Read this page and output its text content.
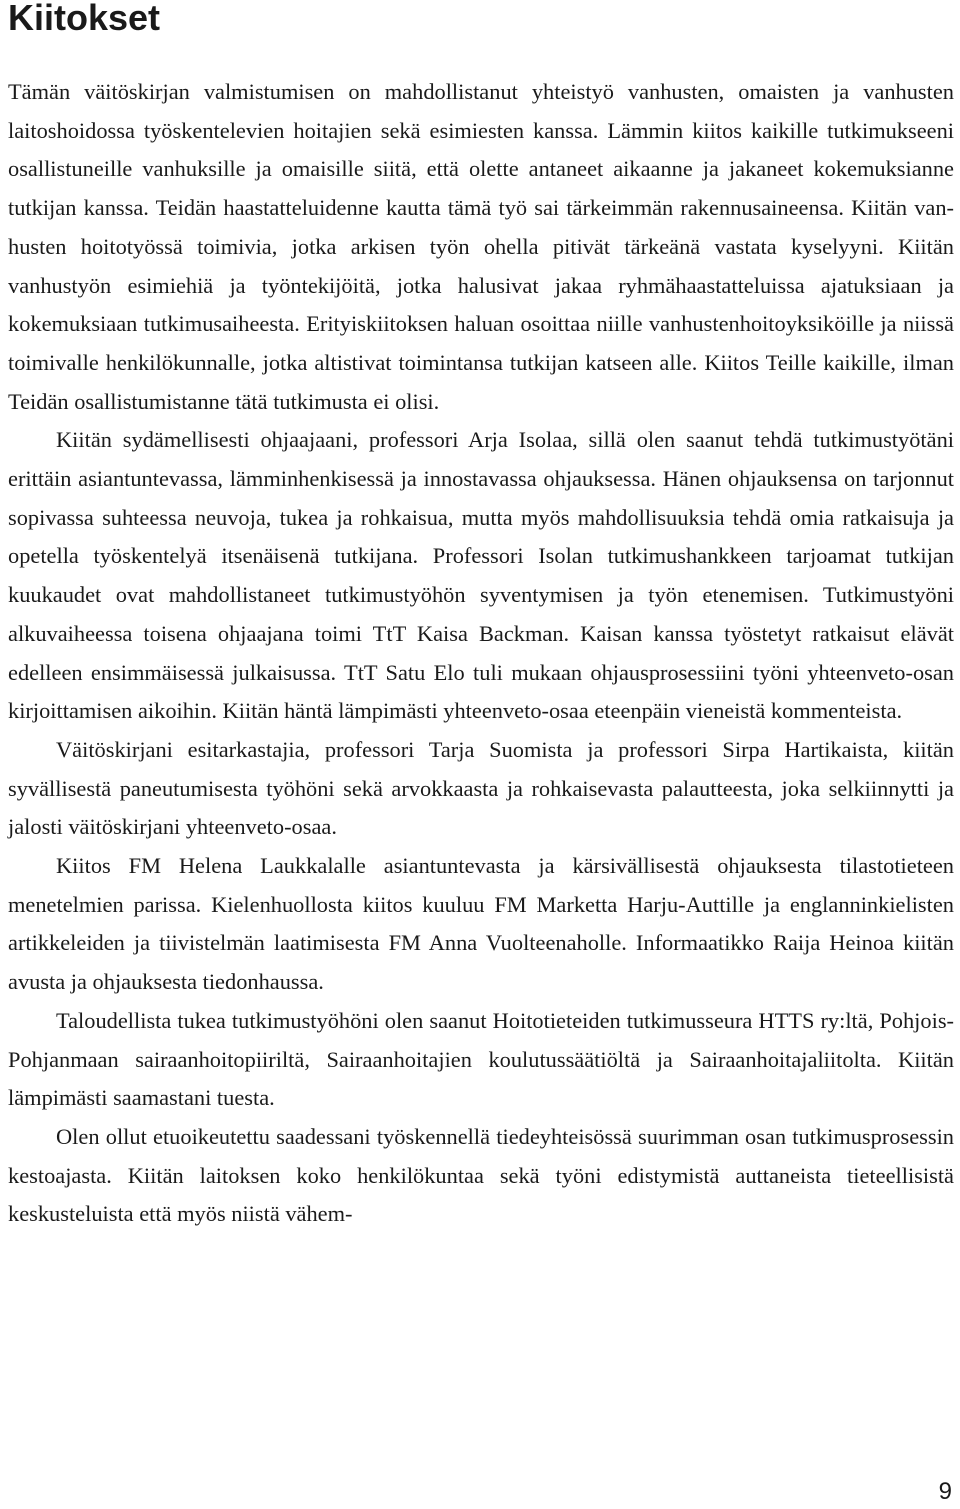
Kiitokset

Tämän väitöskirjan valmistumisen on mahdollistanut yhteistyö vanhusten, omaisten ja vanhusten laitoshoidossa työskentelevien hoitajien sekä esimiesten kanssa. Lämmin kiitos kaikille tutkimukseeni osallistuneille vanhuksille ja omaisille siitä, että olette antaneet aikaanne ja jakaneet kokemuksianne tutkijan kanssa. Teidän haastatteluidenne kautta tämä työ sai tärkeimmän rakennusaineensa. Kiitän vanhusten hoitotyössä toimivia, jotka arkisen työn ohella pitivät tärkeänä vastata kyselyyni. Kiitän vanhustyön esimiehiä ja työntekijöitä, jotka halusivat jakaa ryhmähaastatteluissa ajatuksiaan ja kokemuksiaan tutkimusaiheesta. Erityiskiitoksen haluan osoittaa niille vanhustenhoitoyksiköille ja niissä toimivalle henkilökunnalle, jotka altistivat toimintansa tutkijan katseen alle. Kiitos Teille kaikille, ilman Teidän osallistumistanne tätä tutkimusta ei olisi.

Kiitän sydämellisesti ohjaajaani, professori Arja Isolaa, sillä olen saanut tehdä tutkimustyötäni erittäin asiantuntevassa, lämminhenkisessä ja innostavassa ohjauksessa. Hänen ohjauksensa on tarjonnut sopivassa suhteessa neuvoja, tukea ja rohkaisua, mutta myös mahdollisuuksia tehdä omia ratkaisuja ja opetella työskentelyä itsenäisenä tutkijana. Professori Isolan tutkimushankkeen tarjoamat tutkijan kuukaudet ovat mahdollistaneet tutkimustyöhön syventymisen ja työn etenemisen. Tutkimustyöni alkuvaiheessa toisena ohjaajana toimi TtT Kaisa Backman. Kaisan kanssa työstetyt ratkaisut elävät edelleen ensimmäisessä julkaisussa. TtT Satu Elo tuli mukaan ohjausprosessiini työni yhteenveto-osan kirjoittamisen aikoihin. Kiitän häntä lämpimästi yhteenveto-osaa eteenpäin vieneistä kommenteista.

Väitöskirjani esitarkastajia, professori Tarja Suomista ja professori Sirpa Hartikaista, kiitän syvällisestä paneutumisesta työhöni sekä arvokkaasta ja rohkaisevasta palautteesta, joka selkiinnytti ja jalosti väitöskirjani yhteenveto-osaa.

Kiitos FM Helena Laukkalalle asiantuntevasta ja kärsivällisestä ohjauksesta tilastotieteen menetelmien parissa. Kielenhuollosta kiitos kuuluu FM Marketta Harju-Auttille ja englanninkielisten artikkeleiden ja tiivistelmän laatimisesta FM Anna Vuolteenaholle. Informaatikko Raija Heinoa kiitän avusta ja ohjauksesta tiedonhaussa.

Taloudellista tukea tutkimustyöhöni olen saanut Hoitotieteiden tutkimusseura HTTS ry:ltä, Pohjois-Pohjanmaan sairaanhoitopiiriltä, Sairaanhoitajien koulutussäätiöltä ja Sairaanhoitajaliitolta. Kiitän lämpimästi saamastani tuesta.

Olen ollut etuoikeutettu saadessani työskennellä tiedeyhteisössä suurimman osan tutkimusprosessin kestoajasta. Kiitän laitoksen koko henkilökuntaa sekä työni edistymistä auttaneista tieteellisistä keskusteluista että myös niistä vähem-

9
